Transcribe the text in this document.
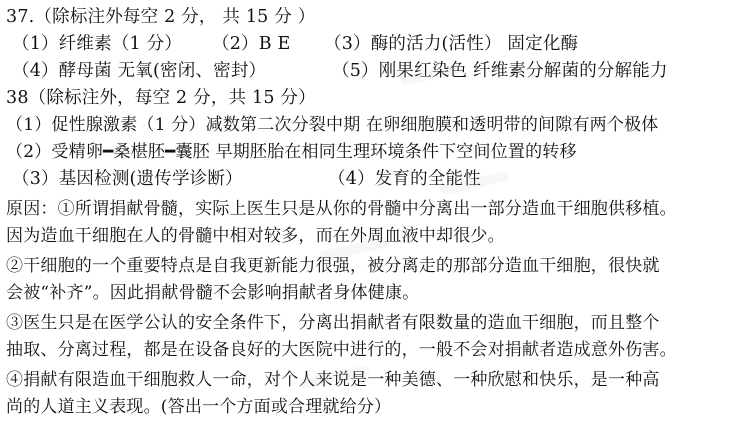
37.（除标注外每空 2 分， 共 15 分 ）
（1）纤维素（1 分） （2）B E （3）酶的活力(活性） 固定化酶
（4）酵母菌 无氧(密闭、密封）	（5）刚果红染色 纤维素分解菌的分解能力
38（除标注外，每空 2 分，共 15 分）
（1）促性腺激素（1 分）减数第二次分裂中期 在卵细胞膜和透明带的间隙有两个极体
（2）受精卵━桑椹胚━囊胚 早期胚胎在相同生理环境条件下空间位置的转移
（3）基因检测(遗传学诊断）	（4）发育的全能性
原因：①所谓捐献骨髓，实际上医生只是从你的骨髓中分离出一部分造血干细胞供移植。
因为造血干细胞在人的骨髓中相对较多，而在外周血液中却很少。
②干细胞的一个重要特点是自我更新能力很强，被分离走的那部分造血干细胞，很快就
会被“补齐”。因此捐献骨髓不会影响捐献者身体健康。
③医生只是在医学公认的安全条件下，分离出捐献者有限数量的造血干细胞，而且整个
抽取、分离过程，都是在设备良好的大医院中进行的，一般不会对捐献者造成意外伤害。
④捐献有限造血干细胞救人一命，对个人来说是一种美德、一种欣慰和快乐，是一种高
尚的人道主义表现。(答出一个方面或合理就给分）
